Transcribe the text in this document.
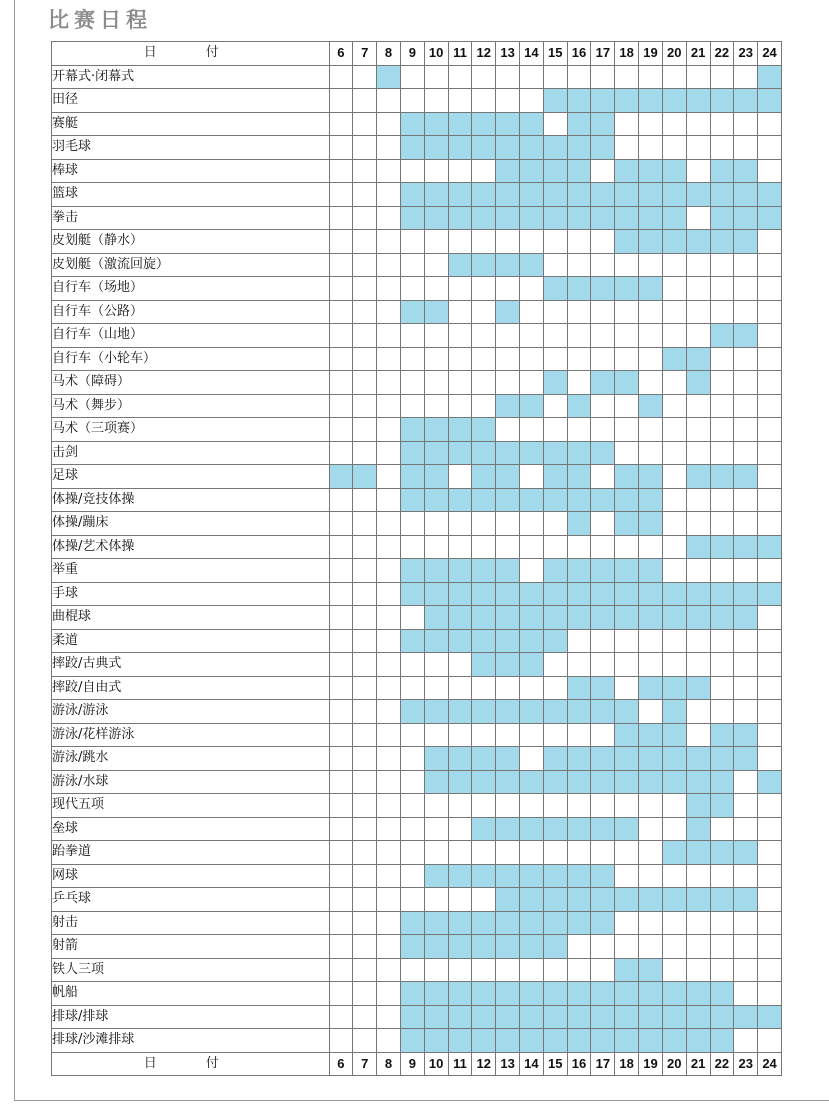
比赛日程
日　付	6	7	8	9	10	11	12	13	14	15	16	17	18	19	20	21	22	23	24
开幕式·闭幕式																			
田径																			
赛艇																			
羽毛球																			
棒球																			
篮球																			
拳击																			
皮划艇（静水）																			
皮划艇（激流回旋）																			
自行车（场地）																			
自行车（公路）																			
自行车（山地）																			
自行车（小轮车）																			
马术（障碍）																			
马术（舞步）																			
马术（三项赛）																			
击剑																			
足球																			
体操/竞技体操																			
体操/蹦床																			
体操/艺术体操																			
举重																			
手球																			
曲棍球																			
柔道																			
摔跤/古典式																			
摔跤/自由式																			
游泳/游泳																			
游泳/花样游泳																			
游泳/跳水																			
游泳/水球																			
现代五项																			
垒球																			
跆拳道																			
网球																			
乒乓球																			
射击																			
射箭																			
铁人三项																			
帆船																			
排球/排球																			
排球/沙滩排球																			
日　付	6	7	8	9	10	11	12	13	14	15	16	17	18	19	20	21	22	23	24
